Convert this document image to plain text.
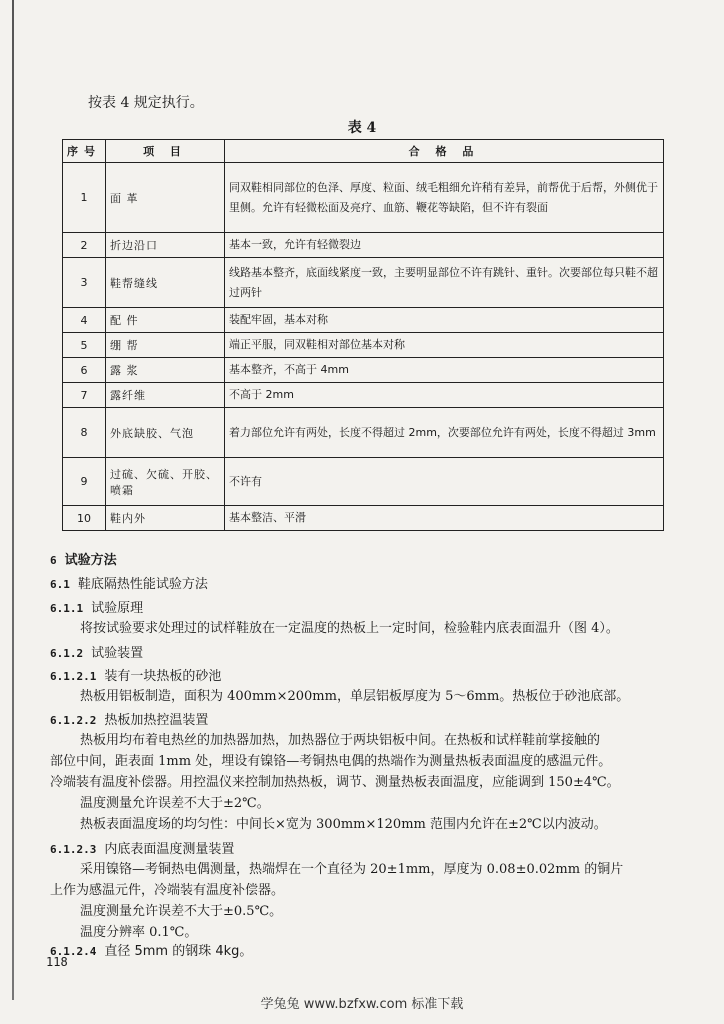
按表 4 规定执行。
表 4
序号	项 目	合 格 品
1	面 革	同双鞋相同部位的色泽、厚度、粒面、绒毛粗细允许稍有差异，前帮优于后帮，外侧优于里侧。允许有轻微松面及亮疗、血筋、鞭花等缺陷，但不许有裂面
2	折边沿口	基本一致，允许有轻微裂边
3	鞋帮缝线	线路基本整齐，底面线紧度一致，主要明显部位不许有跳针、重针。次要部位每只鞋不超过两针
4	配 件	装配牢固，基本对称
5	绷 帮	端正平服，同双鞋相对部位基本对称
6	露 浆	基本整齐，不高于 4mm
7	露纤维	不高于 2mm
8	外底缺胶、气泡	着力部位允许有两处，长度不得超过 2mm，次要部位允许有两处，长度不得超过 3mm
9	过硫、欠硫、开胶、喷霜	不许有
10	鞋内外	基本整洁、平滑
6 试验方法
6.1 鞋底隔热性能试验方法
6.1.1 试验原理
将按试验要求处理过的试样鞋放在一定温度的热板上一定时间，检验鞋内底表面温升（图 4）。
6.1.2 试验装置
6.1.2.1 装有一块热板的砂池
热板用铝板制造，面积为 400mm×200mm，单层铝板厚度为 5～6mm。热板位于砂池底部。
6.1.2.2 热板加热控温装置
热板用均布着电热丝的加热器加热，加热器位于两块铝板中间。在热板和试样鞋前掌接触的
部位中间，距表面 1mm 处，埋设有镍铬—考铜热电偶的热端作为测量热板表面温度的感温元件。
冷端装有温度补偿器。用控温仪来控制加热热板，调节、测量热板表面温度，应能调到 150±4℃。
温度测量允许误差不大于±2℃。
热板表面温度场的均匀性：中间长×宽为 300mm×120mm 范围内允许在±2℃以内波动。
6.1.2.3 内底表面温度测量装置
采用镍铬—考铜热电偶测量，热端焊在一个直径为 20±1mm，厚度为 0.08±0.02mm 的铜片
上作为感温元件，冷端装有温度补偿器。
温度测量允许误差不大于±0.5℃。
温度分辨率 0.1℃。
6.1.2.4 直径 5mm 的钢珠 4kg。
118
学兔兔 www.bzfxw.com 标准下载
